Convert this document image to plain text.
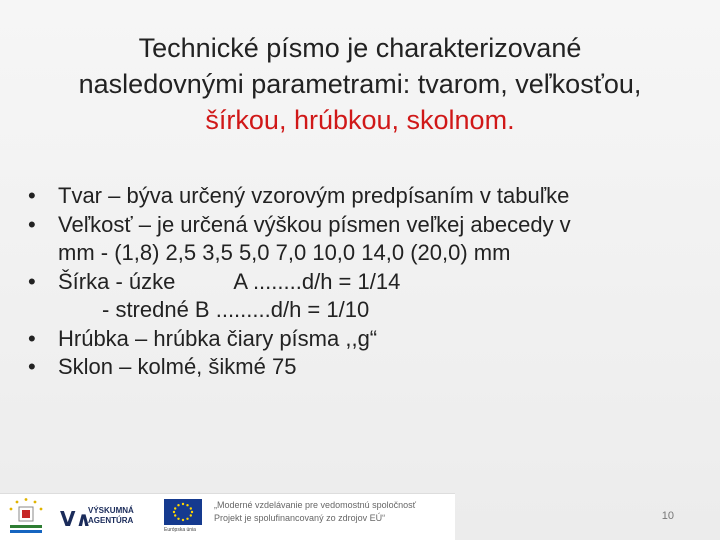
Technické písmo je charakterizované
nasledovnými parametrami: tvarom, veľkosťou,
šírkou, hrúbkou, skolnom.
• Tvar – býva určený vzorovým predpísaním v tabuľke
• Veľkosť – je určená výškou písmen veľkej abecedy v
mm - (1,8) 2,5 3,5 5,0 7,0 10,0 14,0 (20,0) mm
• Šírka - úzke	A ........d/h = 1/14
- stredné B .........d/h = 1/10
• Hrúbka – hrúbka čiary písma ,,g“
• Sklon – kolmé, šikmé 75
V∧
VÝSKUMNÁ
AGENTÚRA
Európska únia
„Moderné vzdelávanie pre vedomostnú spoločnosť
Projekt je spolufinancovaný zo zdrojov EÚ“	10
